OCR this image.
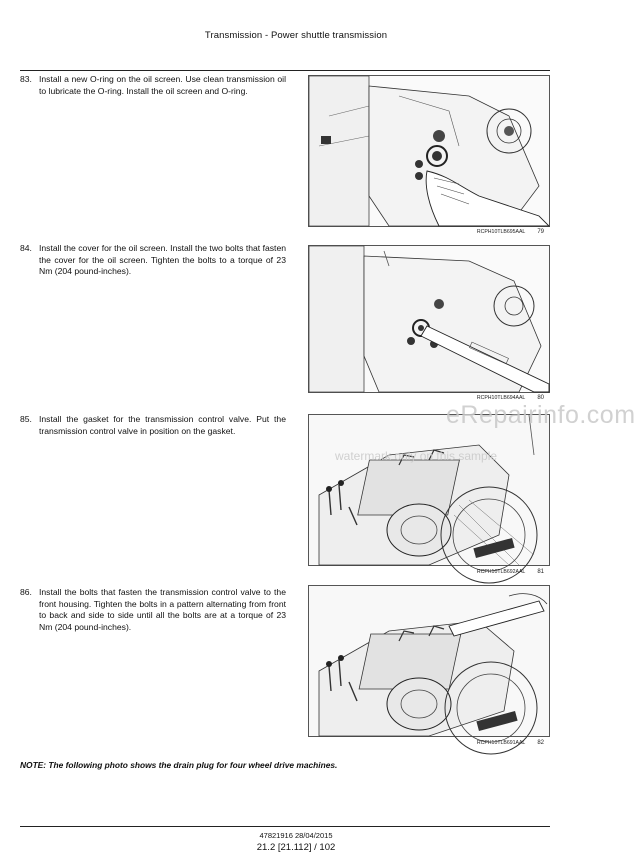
Transmission - Power shuttle transmission
83. Install a new O-ring on the oil screen. Use clean transmission oil to lubricate the O-ring. Install the oil screen and O-ring.
RCPH10TLB695AAL 79
84. Install the cover for the oil screen. Install the two bolts that fasten the cover for the oil screen. Tighten the bolts to a torque of 23 Nm (204 pound-inches).
RCPH10TLB694AAL 80
85. Install the gasket for the transmission control valve. Put the transmission control valve in position on the gasket.
RCPH10TLB692AAL 81
86. Install the bolts that fasten the transmission control valve to the front housing. Tighten the bolts in a pattern alternating from front to back and side to side until all the bolts are at a torque of 23 Nm (204 pound-inches).
RCPH10TLB691AAL 82
NOTE: The following photo shows the drain plug for four wheel drive machines.
47821916 28/04/2015
21.2 [21.112] / 102
eRepairinfo.com
watermark only on this sample
